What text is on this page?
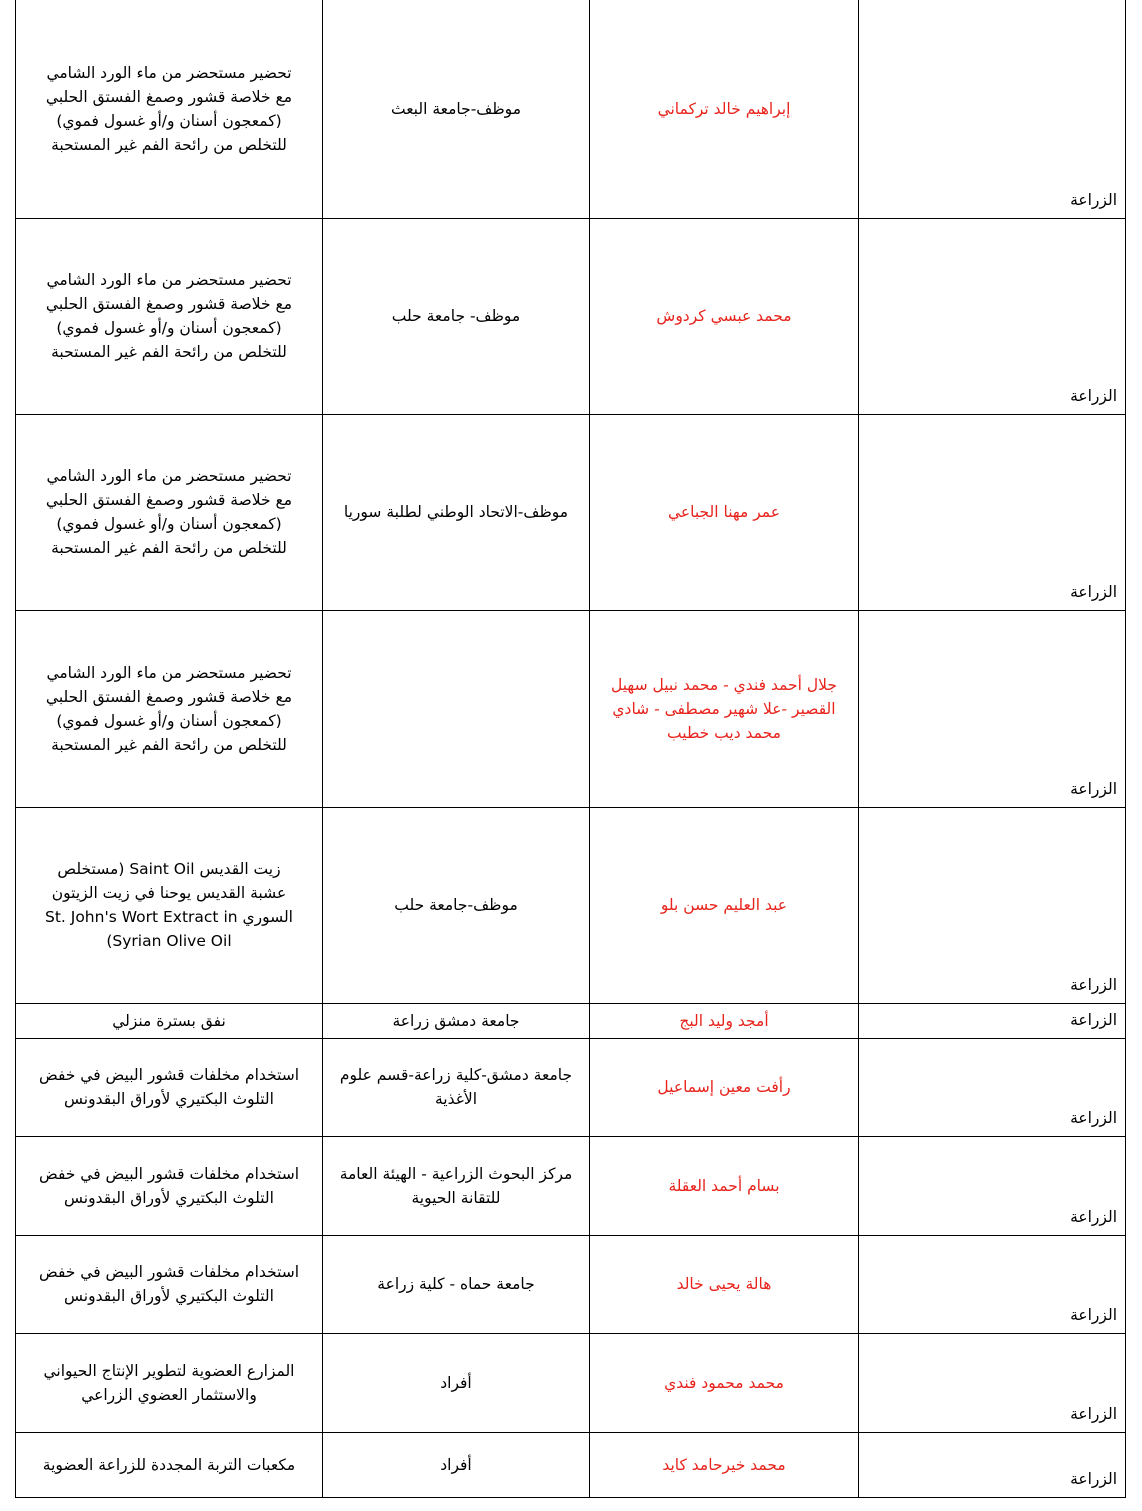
الزراعة	إبراهيم خالد تركماني	موظف-جامعة البعث	تحضير مستحضر من ماء الورد الشامي مع خلاصة قشور وصمغ الفستق الحلبي (كمعجون أسنان و/أو غسول فموي) للتخلص من رائحة الفم غير المستحبة
الزراعة	محمد عبسي كردوش	موظف- جامعة حلب	تحضير مستحضر من ماء الورد الشامي مع خلاصة قشور وصمغ الفستق الحلبي (كمعجون أسنان و/أو غسول فموي) للتخلص من رائحة الفم غير المستحبة
الزراعة	عمر مهنا الجباعي	موظف-الاتحاد الوطني لطلبة سوريا	تحضير مستحضر من ماء الورد الشامي مع خلاصة قشور وصمغ الفستق الحلبي (كمعجون أسنان و/أو غسول فموي) للتخلص من رائحة الفم غير المستحبة
الزراعة	جلال أحمد فندي - محمد نبيل سهيل القصير -علا شهير مصطفى - شادي محمد ديب خطيب		تحضير مستحضر من ماء الورد الشامي مع خلاصة قشور وصمغ الفستق الحلبي (كمعجون أسنان و/أو غسول فموي) للتخلص من رائحة الفم غير المستحبة
الزراعة	عبد العليم حسن بلو	موظف-جامعة حلب	زيت القديس Saint Oil (مستخلص عشبة القديس يوحنا في زيت الزيتون السوري St. John's Wort Extract in Syrian Olive Oil)
الزراعة	أمجد وليد البج	جامعة دمشق زراعة	نفق بسترة منزلي
الزراعة	رأفت معين إسماعيل	جامعة دمشق-كلية زراعة-قسم علوم الأغذية	استخدام مخلفات قشور البيض في خفض التلوث البكتيري لأوراق البقدونس
الزراعة	بسام أحمد العقلة	مركز البحوث الزراعية - الهيئة العامة للتقانة الحيوية	استخدام مخلفات قشور البيض في خفض التلوث البكتيري لأوراق البقدونس
الزراعة	هالة يحيى خالد	جامعة حماه - كلية زراعة	استخدام مخلفات قشور البيض في خفض التلوث البكتيري لأوراق البقدونس
الزراعة	محمد محمود فندي	أفراد	المزارع العضوية لتطوير الإنتاج الحيواني والاستثمار العضوي الزراعي
الزراعة	محمد خيرحامد كايد	أفراد	مكعبات التربة المجددة للزراعة العضوية
